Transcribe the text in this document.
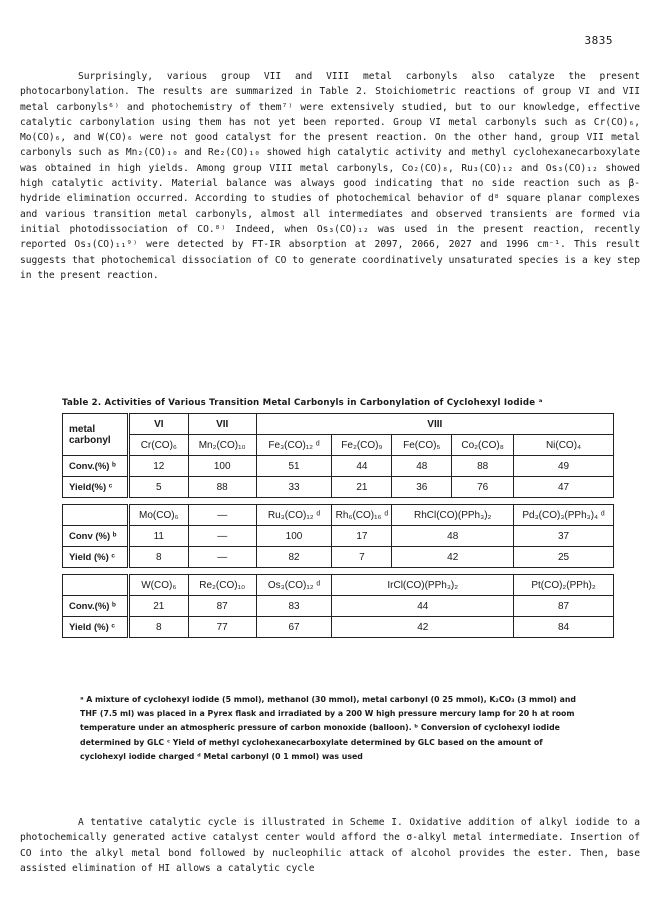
3835

Surprisingly, various group VII and VIII metal carbonyls also catalyze the present photocarbonylation. The results are summarized in Table 2. Stoichiometric reactions of group VI and VII metal carbonyls⁶⁾ and photochemistry of them⁷⁾ were extensively studied, but to our knowledge, effective catalytic carbonylation using them has not yet been reported. Group VI metal carbonyls such as Cr(CO)₆, Mo(CO)₆, and W(CO)₆ were not good catalyst for the present reaction. On the other hand, group VII metal carbonyls such as Mn₂(CO)₁₀ and Re₂(CO)₁₀ showed high catalytic activity and methyl cyclohexanecarboxylate was obtained in high yields. Among group VIII metal carbonyls, Co₂(CO)₈, Ru₃(CO)₁₂ and Os₃(CO)₁₂ showed high catalytic activity. Material balance was always good indicating that no side reaction such as β-hydride elimination occurred. According to studies of photochemical behavior of d⁸ square planar complexes and various transition metal carbonyls, almost all intermediates and observed transients are formed via initial photodissociation of CO.⁸⁾ Indeed, when Os₃(CO)₁₂ was used in the present reaction, recently reported Os₃(CO)₁₁⁹⁾ were detected by FT-IR absorption at 2097, 2066, 2027 and 1996 cm⁻¹. This result suggests that photochemical dissociation of CO to generate coordinatively unsaturated species is a key step in the present reaction.

Table 2. Activities of Various Transition Metal Carbonyls in Carbonylation of Cyclohexyl Iodide ᵃ
metal carbonyl	VI	VII	VIII				
	Cr(CO)₆	Mn₂(CO)₁₀	Fe₃(CO)₁₂ ᵈ	Fe₂(CO)₉	Fe(CO)₅	Co₂(CO)₈	Ni(CO)₄
Conv.(%) ᵇ	12	100	51	44	48	88	49
Yield(%) ᶜ	5	88	33	21	36	76	47

	Mo(CO)₆	—	Ru₃(CO)₁₂ ᵈ	Rh₆(CO)₁₆ ᵈ	RhCl(CO)(PPh₃)₂		Pd₃(CO)₃(PPh₃)₄ ᵈ
Conv (%) ᵇ	11	—	100	17	48		37
Yield (%) ᶜ	8	—	82	7	42		25

	W(CO)₆	Re₂(CO)₁₀	Os₃(CO)₁₂ ᵈ	IrCl(CO)(PPh₃)₂			Pt(CO)₂(PPh)₂
Conv.(%) ᵇ	21	87	83	44			87
Yield (%) ᶜ	8	77	67	42			84

ᵃ A mixture of cyclohexyl iodide (5 mmol), methanol (30 mmol), metal carbonyl (0 25 mmol), K₂CO₃ (3 mmol) and THF (7.5 ml) was placed in a Pyrex flask and irradiated by a 200 W high pressure mercury lamp for 20 h at room temperature under an atmospheric pressure of carbon monoxide (balloon). ᵇ Conversion of cyclohexyl iodide determined by GLC ᶜ Yield of methyl cyclohexanecarboxylate determined by GLC based on the amount of cyclohexyl iodide charged ᵈ Metal carbonyl (0 1 mmol) was used

A tentative catalytic cycle is illustrated in Scheme I. Oxidative addition of alkyl iodide to a photochemically generated active catalyst center would afford the σ-alkyl metal intermediate. Insertion of CO into the alkyl metal bond followed by nucleophilic attack of alcohol provides the ester. Then, base assisted elimination of HI allows a catalytic cycle
